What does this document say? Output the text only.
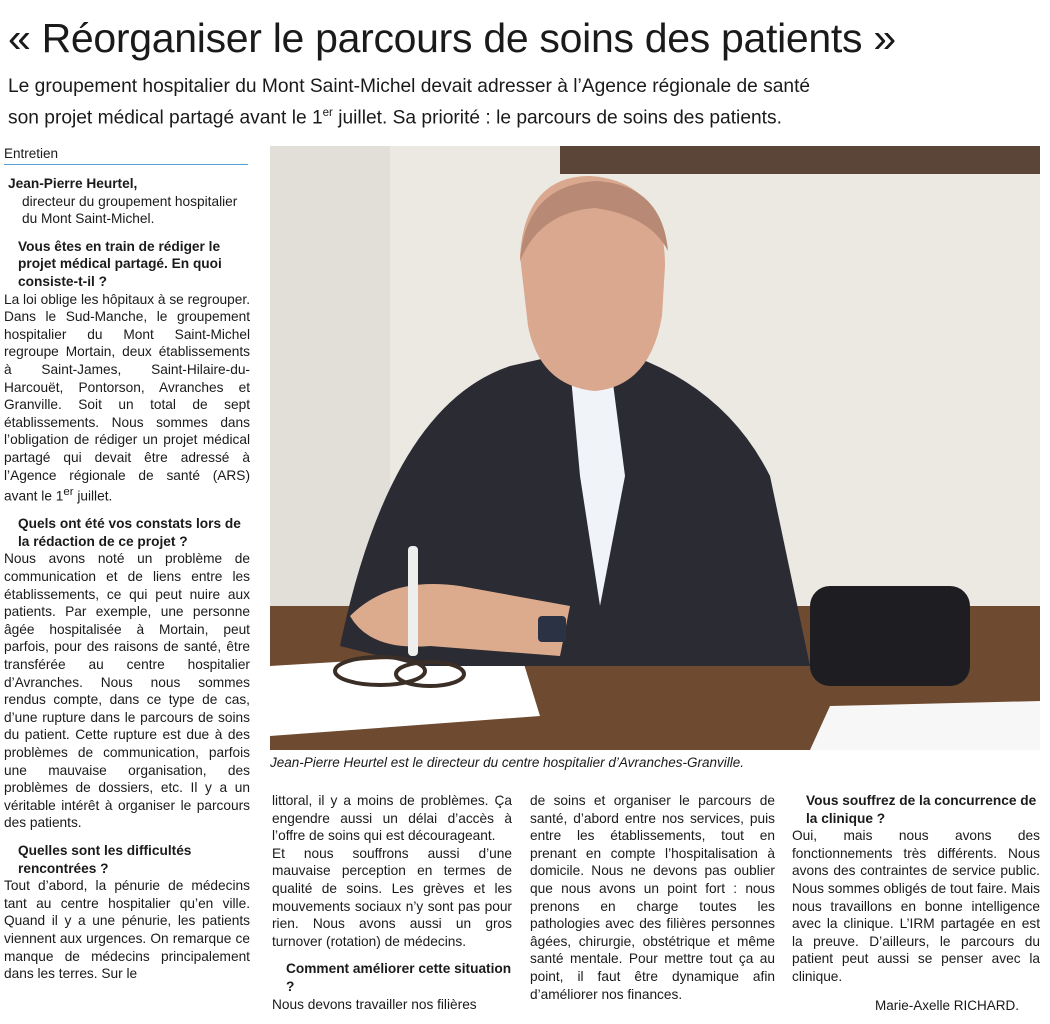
« Réorganiser le parcours de soins des patients »

Le groupement hospitalier du Mont Saint-Michel devait adresser à l’Agence régionale de santé

son projet médical partagé avant le 1er juillet. Sa priorité : le parcours de soins des patients.

Entretien

Jean-Pierre Heurtel,

directeur du groupement hospitalier du Mont Saint-Michel.

Vous êtes en train de rédiger le projet médical partagé. En quoi consiste-t-il ?

La loi oblige les hôpitaux à se regrouper. Dans le Sud-Manche, le groupement hospitalier du Mont Saint-Michel regroupe Mortain, deux établissements à Saint-James, Saint-Hilaire-du-Harcouët, Pontorson, Avranches et Granville. Soit un total de sept établissements. Nous sommes dans l’obligation de rédiger un projet médical partagé qui devait être adressé à l’Agence régionale de santé (ARS) avant le 1er juillet.

Quels ont été vos constats lors de la rédaction de ce projet ?

Nous avons noté un problème de communication et de liens entre les établissements, ce qui peut nuire aux patients. Par exemple, une personne âgée hospitalisée à Mortain, peut parfois, pour des raisons de santé, être transférée au centre hospitalier d’Avranches. Nous nous sommes rendus compte, dans ce type de cas, d’une rupture dans le parcours de soins du patient. Cette rupture est due à des problèmes de communication, parfois une mauvaise organisation, des problèmes de dossiers, etc. Il y a un véritable intérêt à organiser le parcours des patients.

Quelles sont les difficultés rencontrées ?

Tout d’abord, la pénurie de médecins tant au centre hospitalier qu’en ville. Quand il y a une pénurie, les patients viennent aux urgences. On remarque ce manque de médecins principalement dans les terres. Sur le

Jean-Pierre Heurtel est le directeur du centre hospitalier d’Avranches-Granville.

littoral, il y a moins de problèmes. Ça engendre aussi un délai d’accès à l’offre de soins qui est décourageant.

Et nous souffrons aussi d’une mauvaise perception en termes de qualité de soins. Les grèves et les mouvements sociaux n’y sont pas pour rien. Nous avons aussi un gros turnover (rotation) de médecins.

Comment améliorer cette situation ?

Nous devons travailler nos filières

de soins et organiser le parcours de santé, d’abord entre nos services, puis entre les établissements, tout en prenant en compte l’hospitalisation à domicile. Nous ne devons pas oublier que nous avons un point fort : nous prenons en charge toutes les pathologies avec des filières personnes âgées, chirurgie, obstétrique et même santé mentale. Pour mettre tout ça au point, il faut être dynamique afin d’améliorer nos finances.

Vous souffrez de la concurrence de la clinique ?

Oui, mais nous avons des fonctionnements très différents. Nous avons des contraintes de service public. Nous sommes obligés de tout faire. Mais nous travaillons en bonne intelligence avec la clinique. L’IRM partagée en est la preuve. D’ailleurs, le parcours du patient peut aussi se penser avec la clinique.

Marie-Axelle RICHARD.
